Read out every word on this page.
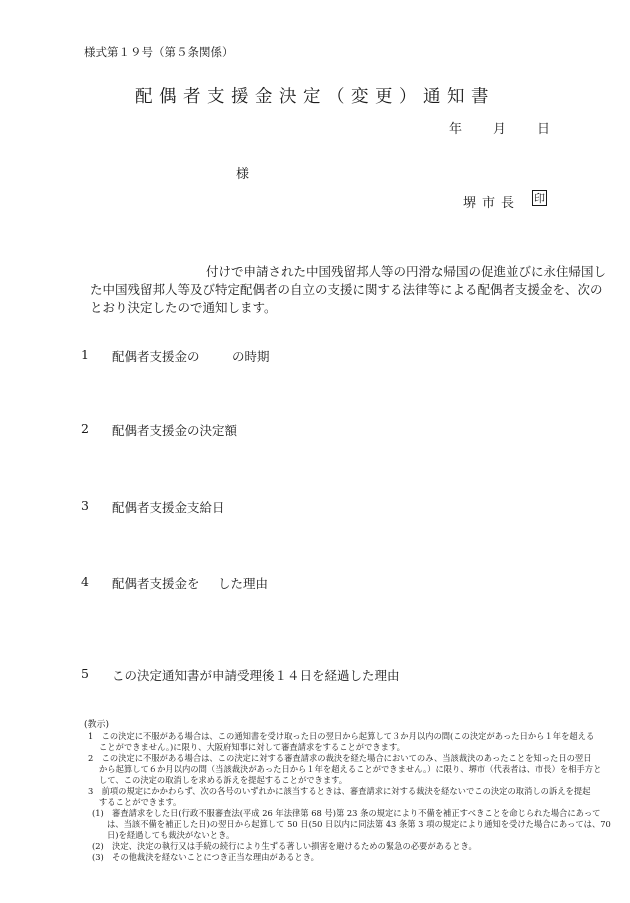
様式第１９号（第５条関係）
配偶者支援金決定（変更）通知書
年 月 日
様
堺市長 印
付けで申請された中国残留邦人等の円滑な帰国の促進並びに永住帰国し
た中国残留邦人等及び特定配偶者の自立の支援に関する法律等による配偶者支援金を、次の
とおり決定したので通知します。
1 配偶者支援金の	の時期
2 配偶者支援金の決定額
3 配偶者支援金支給日
4 配偶者支援金を した理由
5 この決定通知書が申請受理後１４日を経過した理由
(教示)
1　この決定に不服がある場合は、この通知書を受け取った日の翌日から起算して３か月以内の間(この決定があった日から１年を超える
ことができません。)に限り、大阪府知事に対して審査請求をすることができます。
2　この決定に不服がある場合は、この決定に対する審査請求の裁決を経た場合においてのみ、当該裁決のあったことを知った日の翌日
から起算して６か月以内の間（当該裁決があった日から１年を超えることができません。）に限り、堺市（代表者は、市長）を相手方と
して、この決定の取消しを求める訴えを提起することができます。
3　前項の規定にかかわらず、次の各号のいずれかに該当するときは、審査請求に対する裁決を経ないでこの決定の取消しの訴えを提起
することができます。
(1)　審査請求をした日(行政不服審査法(平成 26 年法律第 68 号)第 23 条の規定により不備を補正すべきことを命じられた場合にあって
は、当該不備を補正した日)の翌日から起算して 50 日(50 日以内に同法第 43 条第 3 項の規定により通知を受けた場合にあっては、70
日)を経過しても裁決がないとき。
(2)　決定、決定の執行又は手続の続行により生ずる著しい損害を避けるための緊急の必要があるとき。
(3)　その他裁決を経ないことにつき正当な理由があるとき。
